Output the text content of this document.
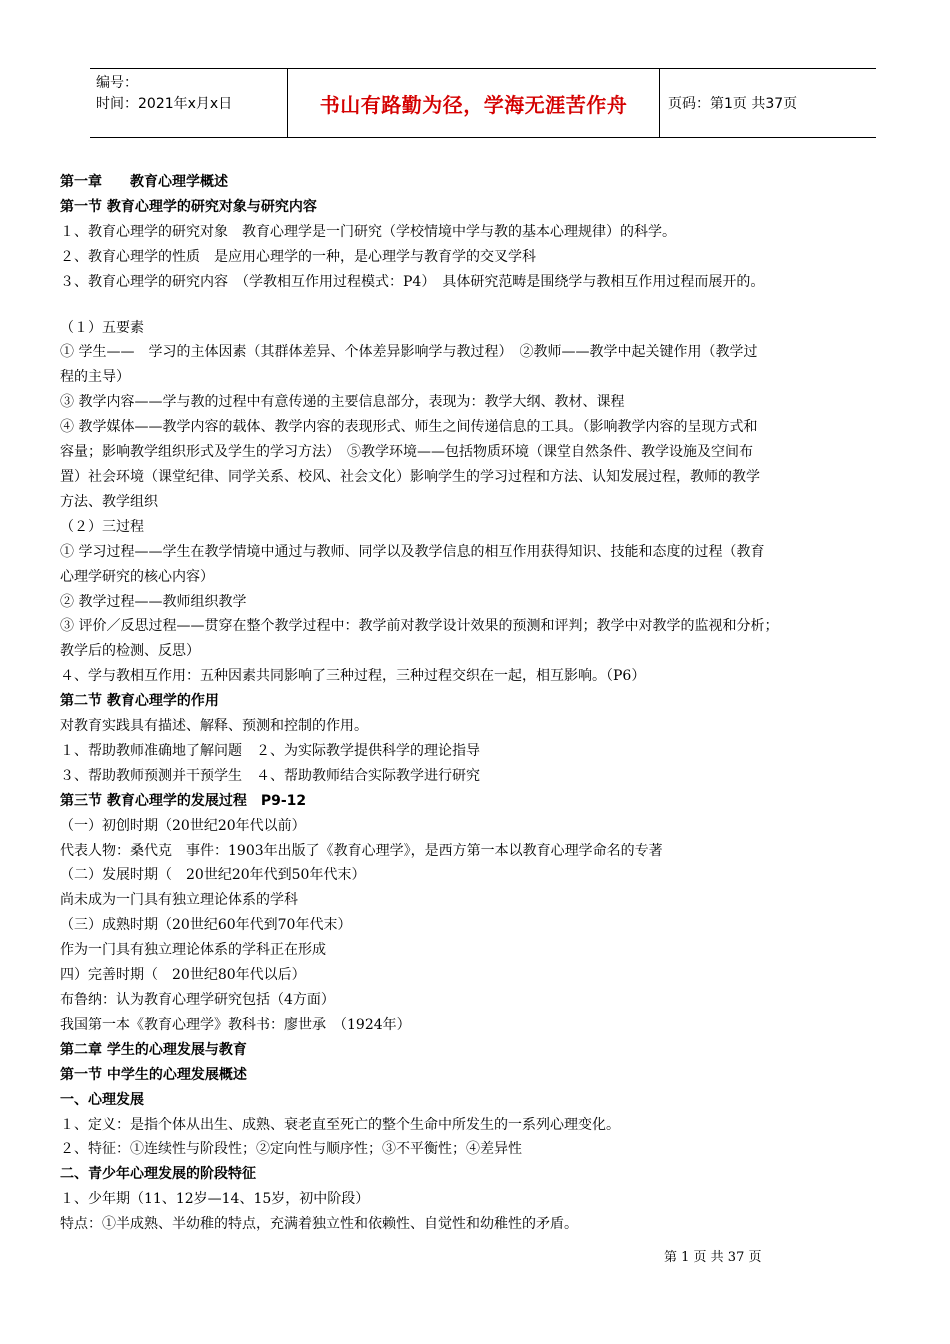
编号：
时间：2021年x月x日	书山有路勤为径，学海无涯苦作舟	页码：第1页 共37页
第一章　　教育心理学概述
第一节 教育心理学的研究对象与研究内容
１、教育心理学的研究对象　教育心理学是一门研究（学校情境中学与教的基本心理规律）的科学。
２、教育心理学的性质　是应用心理学的一种，是心理学与教育学的交叉学科
３、教育心理学的研究内容　（学教相互作用过程模式：P4）　具体研究范畴是围绕学与教相互作用过程而展开的。
（１）五要素
① 学生——　学习的主体因素（其群体差异、个体差异影响学与教过程）　②教师——教学中起关键作用（教学过
程的主导）
③ 教学内容——学与教的过程中有意传递的主要信息部分，表现为：教学大纲、教材、课程
④ 教学媒体——教学内容的载体、教学内容的表现形式、师生之间传递信息的工具。（影响教学内容的呈现方式和
容量；影响教学组织形式及学生的学习方法）　⑤教学环境——包括物质环境（课堂自然条件、教学设施及空间布
置）社会环境（课堂纪律、同学关系、校风、社会文化）影响学生的学习过程和方法、认知发展过程，教师的教学
方法、教学组织
（２）三过程
① 学习过程——学生在教学情境中通过与教师、同学以及教学信息的相互作用获得知识、技能和态度的过程（教育
心理学研究的核心内容）
② 教学过程——教师组织教学
③ 评价／反思过程——贯穿在整个教学过程中：教学前对教学设计效果的预测和评判；教学中对教学的监视和分析；
教学后的检测、反思）
４、学与教相互作用：五种因素共同影响了三种过程，三种过程交织在一起，相互影响。（P6）
第二节 教育心理学的作用
对教育实践具有描述、解释、预测和控制的作用。
１、帮助教师准确地了解问题　２、为实际教学提供科学的理论指导
３、帮助教师预测并干预学生　４、帮助教师结合实际教学进行研究
第三节 教育心理学的发展过程　P9-12
（一）初创时期（20世纪20年代以前）
代表人物：桑代克　事件：1903年出版了《教育心理学》，是西方第一本以教育心理学命名的专著
（二）发展时期（　20世纪20年代到50年代末）
尚未成为一门具有独立理论体系的学科
（三）成熟时期（20世纪60年代到70年代末）
作为一门具有独立理论体系的学科正在形成
四）完善时期（　20世纪80年代以后）
布鲁纳：认为教育心理学研究包括（4方面）
我国第一本《教育心理学》教科书：廖世承　（1924年）
第二章 学生的心理发展与教育
第一节 中学生的心理发展概述
一、心理发展
１、定义：是指个体从出生、成熟、衰老直至死亡的整个生命中所发生的一系列心理变化。
２、特征：①连续性与阶段性；②定向性与顺序性；③不平衡性；④差异性
二、青少年心理发展的阶段特征
１、少年期（11、12岁—14、15岁，初中阶段）
特点：①半成熟、半幼稚的特点，充满着独立性和依赖性、自觉性和幼稚性的矛盾。
第 1 页 共 37 页
